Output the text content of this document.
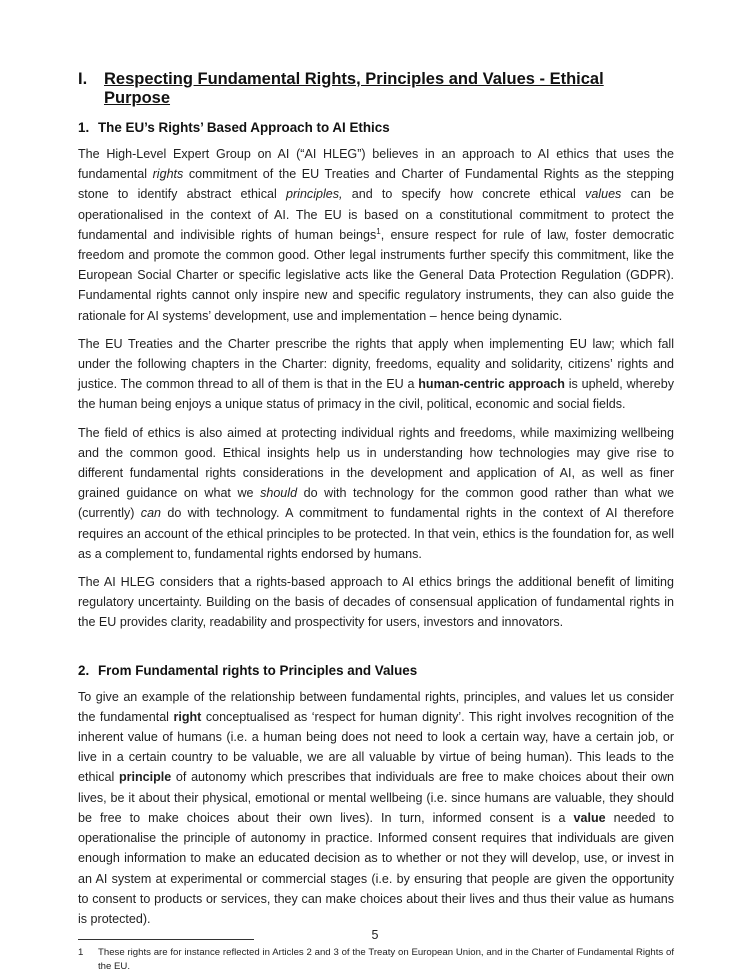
I.	Respecting Fundamental Rights, Principles and Values - Ethical Purpose
1. The EU’s Rights’ Based Approach to AI Ethics

The High-Level Expert Group on AI (“AI HLEG”) believes in an approach to AI ethics that uses the fundamental rights commitment of the EU Treaties and Charter of Fundamental Rights as the stepping stone to identify abstract ethical principles, and to specify how concrete ethical values can be operationalised in the context of AI. The EU is based on a constitutional commitment to protect the fundamental and indivisible rights of human beings$^1$, ensure respect for rule of law, foster democratic freedom and promote the common good. Other legal instruments further specify this commitment, like the European Social Charter or specific legislative acts like the General Data Protection Regulation (GDPR). Fundamental rights cannot only inspire new and specific regulatory instruments, they can also guide the rationale for AI systems’ development, use and implementation – hence being dynamic.

The EU Treaties and the Charter prescribe the rights that apply when implementing EU law; which fall under the following chapters in the Charter: dignity, freedoms, equality and solidarity, citizens’ rights and justice. The common thread to all of them is that in the EU a human-centric approach is upheld, whereby the human being enjoys a unique status of primacy in the civil, political, economic and social fields.

The field of ethics is also aimed at protecting individual rights and freedoms, while maximizing wellbeing and the common good. Ethical insights help us in understanding how technologies may give rise to different fundamental rights considerations in the development and application of AI, as well as finer grained guidance on what we should do with technology for the common good rather than what we (currently) can do with technology. A commitment to fundamental rights in the context of AI therefore requires an account of the ethical principles to be protected. In that vein, ethics is the foundation for, as well as a complement to, fundamental rights endorsed by humans.

The AI HLEG considers that a rights-based approach to AI ethics brings the additional benefit of limiting regulatory uncertainty. Building on the basis of decades of consensual application of fundamental rights in the EU provides clarity, readability and prospectivity for users, investors and innovators.

2. From Fundamental rights to Principles and Values

To give an example of the relationship between fundamental rights, principles, and values let us consider the fundamental right conceptualised as ‘respect for human dignity’. This right involves recognition of the inherent value of humans (i.e. a human being does not need to look a certain way, have a certain job, or live in a certain country to be valuable, we are all valuable by virtue of being human). This leads to the ethical principle of autonomy which prescribes that individuals are free to make choices about their own lives, be it about their physical, emotional or mental wellbeing (i.e. since humans are valuable, they should be free to make choices about their own lives). In turn, informed consent is a value needed to operationalise the principle of autonomy in practice. Informed consent requires that individuals are given enough information to make an educated decision as to whether or not they will develop, use, or invest in an AI system at experimental or commercial stages (i.e. by ensuring that people are given the opportunity to consent to products or services, they can make choices about their lives and thus their value as humans is protected).

1	These rights are for instance reflected in Articles 2 and 3 of the Treaty on European Union, and in the Charter of Fundamental Rights of the EU.
5
